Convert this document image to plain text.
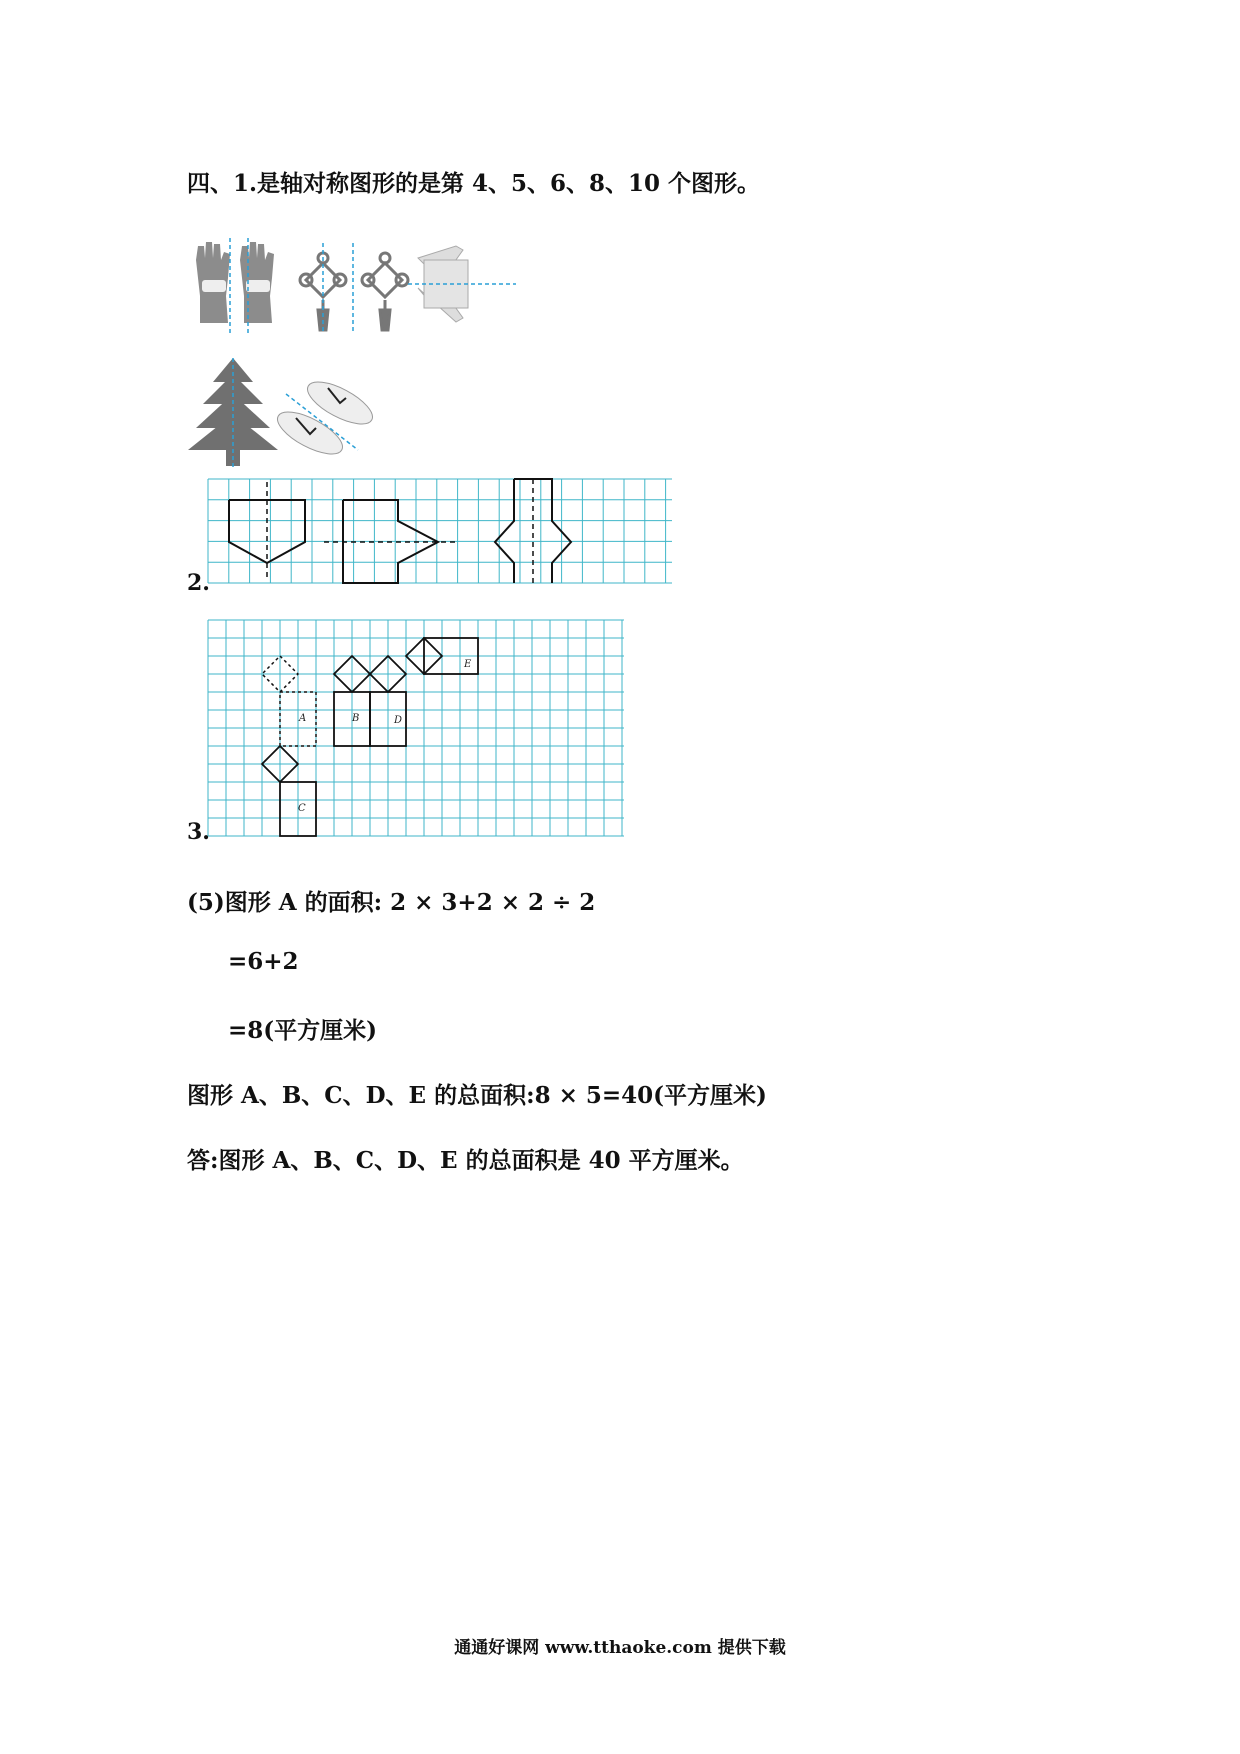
四、1.是轴对称图形的是第 4、5、6、8、10 个图形。
2.
3.
A
C
B	D
E
(5)图形 A 的面积: 2 × 3+2 × 2 ÷ 2
=6+2
=8(平方厘米)
图形 A、B、C、D、E 的总面积:8 × 5=40(平方厘米)
答:图形 A、B、C、D、E 的总面积是 40 平方厘米。
通通好课网 www.tthaoke.com 提供下载
